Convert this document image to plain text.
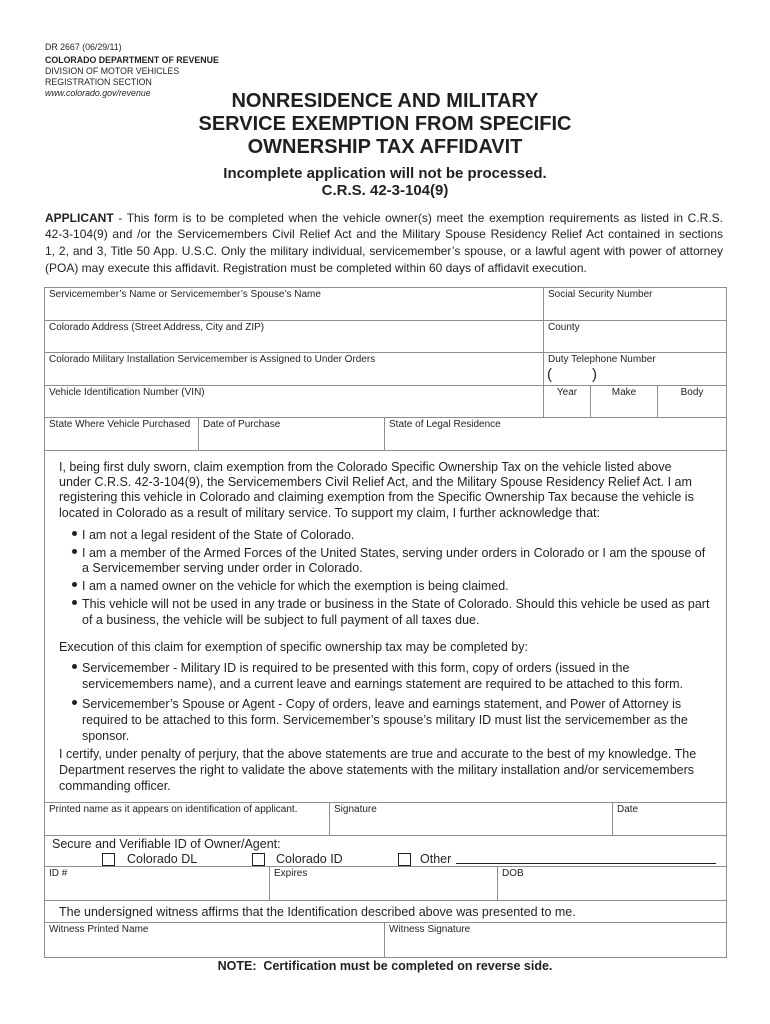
DR 2667 (06/29/11)
COLORADO DEPARTMENT OF REVENUE
DIVISION OF MOTOR VEHICLES
REGISTRATION SECTION
www.colorado.gov/revenue	NONRESIDENCE AND MILITARY
SERVICE EXEMPTION FROM SPECIFIC
OWNERSHIP TAX AFFIDAVIT
Incomplete application will not be processed.
C.R.S. 42-3-104(9)
APPLICANT - This form is to be completed when the vehicle owner(s) meet the exemption requirements as listed in C.R.S.
42-3-104(9) and /or the Servicemembers Civil Relief Act and the Military Spouse Residency Relief Act contained in sections
1, 2, and 3, Title 50 App. U.S.C. Only the military individual, servicemember’s spouse, or a lawful agent with power of attorney
(POA) may execute this affidavit. Registration must be completed within 60 days of affidavit execution.
Servicemember’s Name or Servicemember’s Spouse’s Name	Social Security Number
Colorado Address (Street Address, City and ZIP)	County
Colorado Military Installation Servicemember is Assigned to Under Orders	Duty Telephone Number
(	)
Vehicle Identification Number (VIN)	Year	Make	Body
State Where Vehicle Purchased Date of Purchase	State of Legal Residence
I, being first duly sworn, claim exemption from the Colorado Specific Ownership Tax on the vehicle listed above
under C.R.S. 42-3-104(9), the Servicemembers Civil Relief Act, and the Military Spouse Residency Relief Act. I am
registering this vehicle in Colorado and claiming exemption from the Specific Ownership Tax because the vehicle is
located in Colorado as a result of military service. To support my claim, I further acknowledge that:
I am not a legal resident of the State of Colorado.
I am a member of the Armed Forces of the United States, serving under orders in Colorado or I am the spouse of
a Servicemember serving under order in Colorado.
I am a named owner on the vehicle for which the exemption is being claimed.
This vehicle will not be used in any trade or business in the State of Colorado. Should this vehicle be used as part
of a business, the vehicle will be subject to full payment of all taxes due.
Execution of this claim for exemption of specific ownership tax may be completed by:
Servicemember - Military ID is required to be presented with this form, copy of orders (issued in the
servicemembers name), and a current leave and earnings statement are required to be attached to this form.
Servicemember’s Spouse or Agent - Copy of orders, leave and earnings statement, and Power of Attorney is
required to be attached to this form. Servicemember’s spouse’s military ID must list the servicemember as the
sponsor.
I certify, under penalty of perjury, that the above statements are true and accurate to the best of my knowledge. The
Department reserves the right to validate the above statements with the military installation and/or servicemembers
commanding officer.
Printed name as it appears on identification of applicant.	Signature	Date
Secure and Verifiable ID of Owner/Agent:
Colorado DL	Colorado ID	Other
ID #	Expires	DOB
The undersigned witness affirms that the Identification described above was presented to me.
Witness Printed Name	Witness Signature
NOTE:  Certification must be completed on reverse side.
